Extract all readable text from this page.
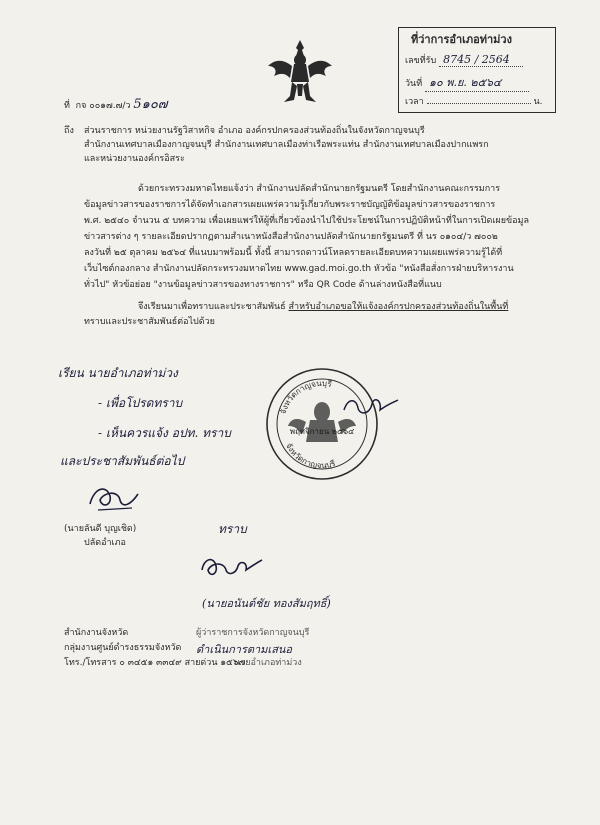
ที่ว่าการอำเภอท่าม่วง
เลขที่รับ 8745 / 2564
วันที่ ๑๐ พ.ย. ๒๕๖๔
เวลา	น.
ที่ กจ ๐๐๑๗.๗/ว 5๑๐๗
ถึง ส่วนราชการ หน่วยงานรัฐวิสาหกิจ อำเภอ องค์กรปกครองส่วนท้องถิ่นในจังหวัดกาญจนบุรี
สำนักงานเทศบาลเมืองกาญจนบุรี สำนักงานเทศบาลเมืองท่าเรือพระแท่น สำนักงานเทศบาลเมืองปากแพรก
และหน่วยงานองค์กรอิสระ
ด้วยกระทรวงมหาดไทยแจ้งว่า สำนักงานปลัดสำนักนายกรัฐมนตรี โดยสำนักงานคณะกรรมการ
ข้อมูลข่าวสารของราชการได้จัดทำเอกสารเผยแพร่ความรู้เกี่ยวกับพระราชบัญญัติข้อมูลข่าวสารของราชการ
พ.ศ. ๒๕๔๐ จำนวน ๕ บทความ เพื่อเผยแพร่ให้ผู้ที่เกี่ยวข้องนำไปใช้ประโยชน์ในการปฏิบัติหน้าที่ในการเปิดเผยข้อมูล
ข่าวสารต่าง ๆ รายละเอียดปรากฏตามสำเนาหนังสือสำนักงานปลัดสำนักนายกรัฐมนตรี ที่ นร ๐๑๐๔/ว ๗๐๐๒
ลงวันที่ ๒๕ ตุลาคม ๒๕๖๔ ที่แนบมาพร้อมนี้ ทั้งนี้ สามารถดาวน์โหลดรายละเอียดบทความเผยแพร่ความรู้ได้ที่
เว็บไซต์กองกลาง สำนักงานปลัดกระทรวงมหาดไทย www.gad.moi.go.th หัวข้อ "หนังสือสั่งการฝ่ายบริหารงาน
ทั่วไป" หัวข้อย่อย "งานข้อมูลข่าวสารของทางราชการ" หรือ QR Code ด้านล่างหนังสือที่แนบ
จึงเรียนมาเพื่อทราบและประชาสัมพันธ์ สำหรับอำเภอขอให้แจ้งองค์กรปกครองส่วนท้องถิ่นในพื้นที่
ทราบและประชาสัมพันธ์ต่อไปด้วย
เรียน นายอำเภอท่าม่วง
- เพื่อโปรดทราบ
- เห็นควรแจ้ง อปท. ทราบ
และประชาสัมพันธ์ต่อไป
(นายลันดี บุญเชิด)
ปลัดอำเภอ
จังหวัดกาญจนบุรี
จังหวัดกาญจนบุรี
พฤศจิกายน ๒๕๖๔
ทราบ
(นายอนันต์ชัย ทองสัมฤทธิ์)
สำนักงานจังหวัด
กลุ่มงานศูนย์ดำรงธรรมจังหวัด
ผู้ว่าราชการจังหวัดกาญจนบุรี
ดำเนินการตามเสนอ
นายอำเภอท่าม่วง
โทร./โทรสาร ๐ ๓๔๕๑ ๓๓๔๙ สายด่วน ๑๕๖๗
